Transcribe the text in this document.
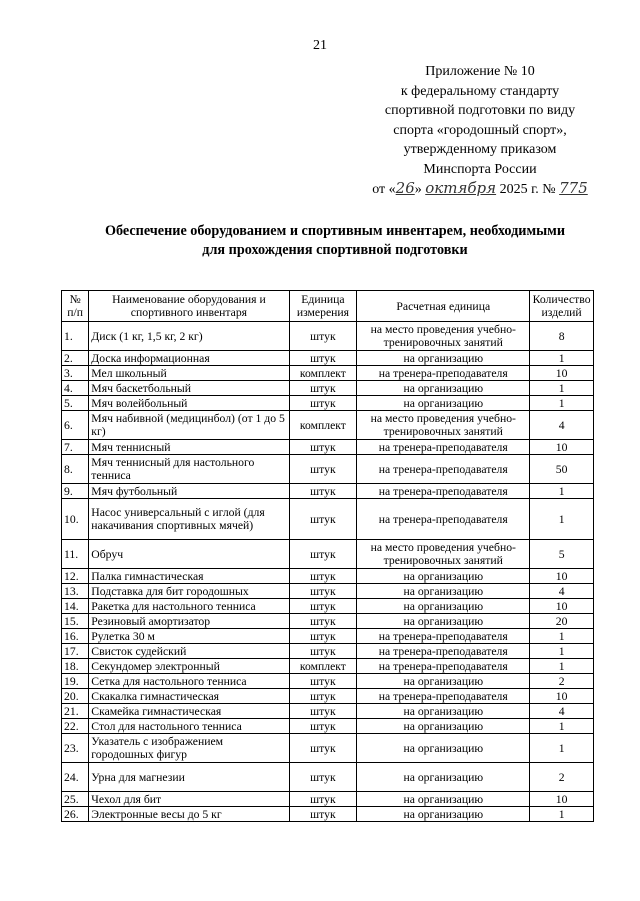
21
Приложение № 10
к федеральному стандарту
спортивной подготовки по виду
спорта «городошный спорт»,
утвержденному приказом
Минспорта России
от «26» октября 2025 г. № 775
Обеспечение оборудованием и спортивным инвентарем, необходимыми
для прохождения спортивной подготовки
№ п/п	Наименование оборудования и спортивного инвентаря	Единица измерения	Расчетная единица	Количество изделий
1.	Диск (1 кг, 1,5 кг, 2 кг)	штук	на место проведения учебно-тренировочных занятий	8
2.	Доска информационная	штук	на организацию	1
3.	Мел школьный	комплект	на тренера-преподавателя	10
4.	Мяч баскетбольный	штук	на организацию	1
5.	Мяч волейбольный	штук	на организацию	1
6.	Мяч набивной (медицинбол) (от 1 до 5 кг)	комплект	на место проведения учебно-тренировочных занятий	4
7.	Мяч теннисный	штук	на тренера-преподавателя	10
8.	Мяч теннисный для настольного тенниса	штук	на тренера-преподавателя	50
9.	Мяч футбольный	штук	на тренера-преподавателя	1
10.	Насос универсальный с иглой (для накачивания спортивных мячей)	штук	на тренера-преподавателя	1
11.	Обруч	штук	на место проведения учебно-тренировочных занятий	5
12.	Палка гимнастическая	штук	на организацию	10
13.	Подставка для бит городошных	штук	на организацию	4
14.	Ракетка для настольного тенниса	штук	на организацию	10
15.	Резиновый амортизатор	штук	на организацию	20
16.	Рулетка 30 м	штук	на тренера-преподавателя	1
17.	Свисток судейский	штук	на тренера-преподавателя	1
18.	Секундомер электронный	комплект	на тренера-преподавателя	1
19.	Сетка для настольного тенниса	штук	на организацию	2
20.	Скакалка гимнастическая	штук	на тренера-преподавателя	10
21.	Скамейка гимнастическая	штук	на организацию	4
22.	Стол для настольного тенниса	штук	на организацию	1
23.	Указатель с изображением городошных фигур	штук	на организацию	1
24.	Урна для магнезии	штук	на организацию	2
25.	Чехол для бит	штук	на организацию	10
26.	Электронные весы до 5 кг	штук	на организацию	1
